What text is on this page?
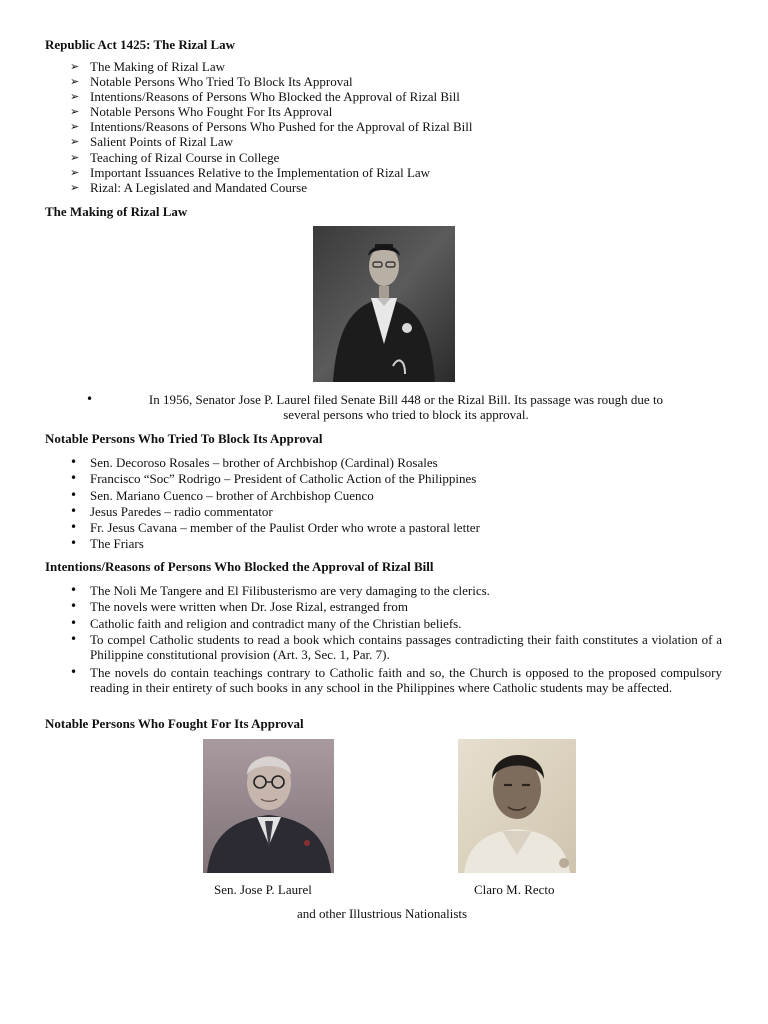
Republic Act 1425: The Rizal Law
➢ The Making of Rizal Law
➢ Notable Persons Who Tried To Block Its Approval
➢ Intentions/Reasons of Persons Who Blocked the Approval of Rizal Bill
➢ Notable Persons Who Fought For Its Approval
➢ Intentions/Reasons of Persons Who Pushed for the Approval of Rizal Bill
➢ Salient Points of Rizal Law
➢ Teaching of Rizal Course in College
➢ Important Issuances Relative to the Implementation of Rizal Law
➢ Rizal: A Legislated and Mandated Course
The Making of Rizal Law
•	In 1956, Senator Jose P. Laurel filed Senate Bill 448 or the Rizal Bill. Its passage was rough due to
several persons who tried to block its approval.
Notable Persons Who Tried To Block Its Approval
• Sen. Decoroso Rosales – brother of Archbishop (Cardinal) Rosales
• Francisco “Soc” Rodrigo – President of Catholic Action of the Philippines
• Sen. Mariano Cuenco – brother of Archbishop Cuenco
• Jesus Paredes – radio commentator
• Fr. Jesus Cavana – member of the Paulist Order who wrote a pastoral letter
• The Friars
Intentions/Reasons of Persons Who Blocked the Approval of Rizal Bill
• The Noli Me Tangere and El Filibusterismo are very damaging to the clerics.
• The novels were written when Dr. Jose Rizal, estranged from
• Catholic faith and religion and contradict many of the Christian beliefs.
• To compel Catholic students to read a book which contains passages contradicting their faith constitutes a violation of a Philippine constitutional provision (Art. 3, Sec. 1, Par. 7).
• The novels do contain teachings contrary to Catholic faith and so, the Church is opposed to the proposed compulsory reading in their entirety of such books in any school in the Philippines where Catholic students may be affected.
Notable Persons Who Fought For Its Approval
Sen. Jose P. Laurel	Claro M. Recto
and other Illustrious Nationalists
